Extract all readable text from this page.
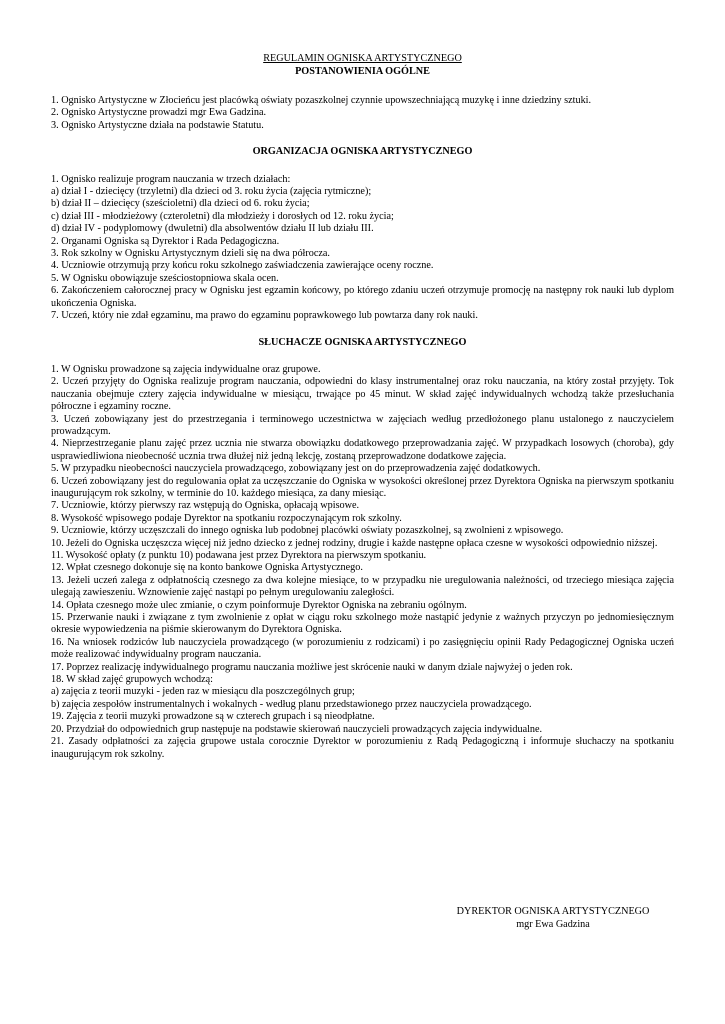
REGULAMIN OGNISKA ARTYSTYCZNEGO
POSTANOWIENIA OGÓLNE

1. Ognisko Artystyczne w Złocieńcu jest placówką oświaty pozaszkolnej czynnie upowszechniającą muzykę i inne dziedziny sztuki.

2. Ognisko Artystyczne prowadzi mgr Ewa Gadzina.

3. Ognisko Artystyczne działa na podstawie Statutu.

ORGANIZACJA OGNISKA ARTYSTYCZNEGO

1. Ognisko realizuje program nauczania w trzech działach:

a) dział I - dziecięcy (trzyletni) dla dzieci od 3. roku życia (zajęcia rytmiczne);

b) dział II – dziecięcy (sześcioletni) dla dzieci od 6. roku życia;

c) dział III - młodzieżowy (czteroletni) dla młodzieży i dorosłych od 12. roku życia;

d) dział IV - podyplomowy (dwuletni) dla absolwentów działu II lub działu III.

2. Organami Ogniska są Dyrektor i Rada Pedagogiczna.

3. Rok szkolny w Ognisku Artystycznym dzieli się na dwa półrocza.

4. Uczniowie otrzymują przy końcu roku szkolnego zaświadczenia zawierające oceny roczne.

5. W Ognisku obowiązuje sześciostopniowa skala ocen.

6. Zakończeniem całorocznej pracy w Ognisku jest egzamin końcowy, po którego zdaniu uczeń otrzymuje promocję na następny rok nauki lub dyplom ukończenia Ogniska.

7. Uczeń, który nie zdał egzaminu, ma prawo do egzaminu poprawkowego lub powtarza dany rok nauki.

SŁUCHACZE OGNISKA ARTYSTYCZNEGO

1. W Ognisku prowadzone są zajęcia indywidualne oraz grupowe.

2. Uczeń przyjęty do Ogniska realizuje program nauczania, odpowiedni do klasy instrumentalnej oraz roku nauczania, na który został przyjęty. Tok nauczania obejmuje cztery zajęcia indywidualne w miesiącu, trwające po 45 minut. W skład zajęć indywidualnych wchodzą także przesłuchania półroczne i egzaminy roczne.

3. Uczeń zobowiązany jest do przestrzegania i terminowego uczestnictwa w zajęciach według przedłożonego planu ustalonego z nauczycielem prowadzącym.

4. Nieprzestrzeganie planu zajęć przez ucznia nie stwarza obowiązku dodatkowego przeprowadzania zajęć. W przypadkach losowych (choroba), gdy usprawiedliwiona nieobecność ucznia trwa dłużej niż jedną lekcję, zostaną przeprowadzone dodatkowe zajęcia.

5. W przypadku nieobecności nauczyciela prowadzącego, zobowiązany jest on do przeprowadzenia zajęć dodatkowych.

6. Uczeń zobowiązany jest do regulowania opłat za uczęszczanie do Ogniska w wysokości określonej przez Dyrektora Ogniska na pierwszym spotkaniu inaugurującym rok szkolny, w terminie do 10. każdego miesiąca, za dany miesiąc.

7. Uczniowie, którzy pierwszy raz wstępują do Ogniska, opłacają wpisowe.

8. Wysokość wpisowego podaje Dyrektor na spotkaniu rozpoczynającym rok szkolny.

9. Uczniowie, którzy uczęszczali do innego ogniska lub podobnej placówki oświaty pozaszkolnej, są zwolnieni z wpisowego.

10. Jeżeli do Ogniska uczęszcza więcej niż jedno dziecko z jednej rodziny, drugie i każde następne opłaca czesne w wysokości odpowiednio niższej.

11. Wysokość opłaty (z punktu 10) podawana jest przez Dyrektora na pierwszym spotkaniu.

12. Wpłat czesnego dokonuje się na konto bankowe Ogniska Artystycznego.

13. Jeżeli uczeń zalega z odpłatnością czesnego za dwa kolejne miesiące, to w przypadku nie uregulowania należności, od trzeciego miesiąca zajęcia ulegają zawieszeniu. Wznowienie zajęć nastąpi po pełnym uregulowaniu zaległości.

14. Opłata czesnego może ulec zmianie, o czym poinformuje Dyrektor Ogniska na zebraniu ogólnym.

15. Przerwanie nauki i związane z tym zwolnienie z opłat w ciągu roku szkolnego może nastąpić jedynie z ważnych przyczyn po jednomiesięcznym okresie wypowiedzenia na piśmie skierowanym do Dyrektora Ogniska.

16. Na wniosek rodziców lub nauczyciela prowadzącego (w porozumieniu z rodzicami) i po zasięgnięciu opinii Rady Pedagogicznej Ogniska uczeń może realizować indywidualny program nauczania.

17. Poprzez realizację indywidualnego programu nauczania możliwe jest skrócenie nauki w danym dziale najwyżej o jeden rok.

18. W skład zajęć grupowych wchodzą:

a) zajęcia z teorii muzyki - jeden raz w miesiącu dla poszczególnych grup;

b) zajęcia zespołów instrumentalnych i wokalnych - według planu przedstawionego przez nauczyciela prowadzącego.

19. Zajęcia z teorii muzyki prowadzone są w czterech grupach i są nieodpłatne.

20. Przydział do odpowiednich grup następuje na podstawie skierowań nauczycieli prowadzących zajęcia indywidualne.

21. Zasady odpłatności za zajęcia grupowe ustala corocznie Dyrektor w porozumieniu z Radą Pedagogiczną i informuje słuchaczy na spotkaniu inaugurującym rok szkolny.

DYREKTOR OGNISKA ARTYSTYCZNEGO
mgr Ewa Gadzina
